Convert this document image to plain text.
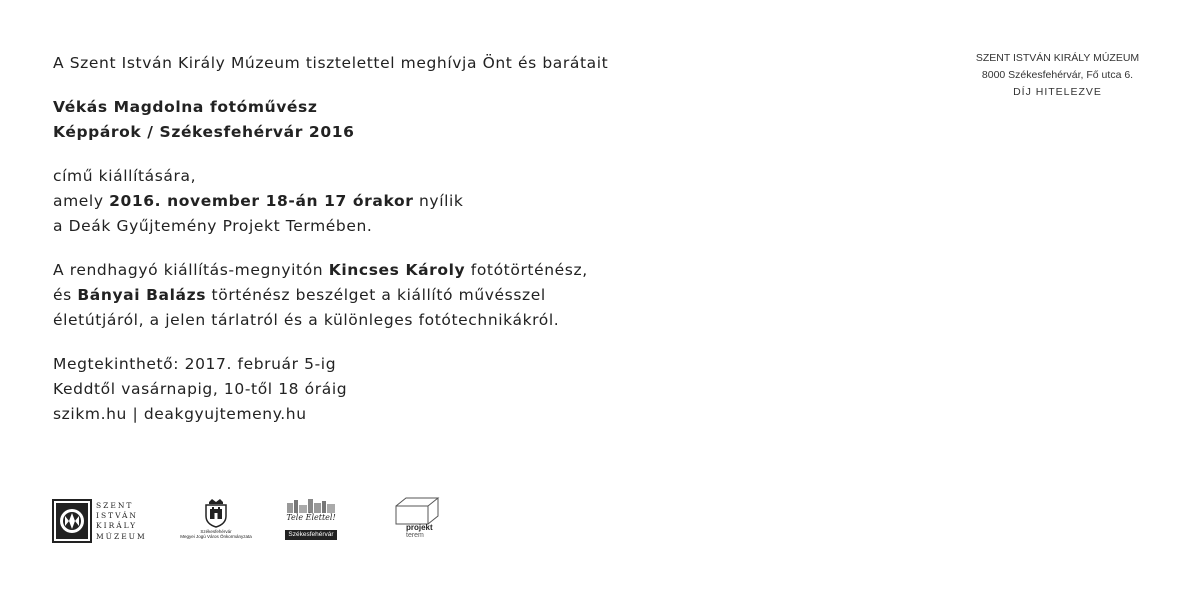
A Szent István Király Múzeum tisztelettel meghívja Önt és barátait
Vékás Magdolna fotóművész
Képpárok / Székesfehérvár 2016
című kiállítására,
amely 2016. november 18-án 17 órakor nyílik
a Deák Gyűjtemény Projekt Termében.
A rendhagyó kiállítás-megnyitón Kincses Károly fotótörténész,
és Bányai Balázs történész beszélget a kiállító művésszel
életútjáról, a jelen tárlatról és a különleges fotótechnikákról.
Megtekinthető: 2017. február 5-ig
Keddtől vasárnapig, 10-től 18 óráig
szikm.hu | deakgyujtemeny.hu
SZENT ISTVÁN KIRÁLY MÚZEUM
8000 Székesfehérvár, Fő utca 6.
DÍJ HITELEZVE
SZENT
ISTVÁN
KIRÁLY
MÚZEUM
Székesfehérvár
Megyei Jogú Város Önkormányzata
Tele Élettel!
Székesfehérvár
projekt
terem
